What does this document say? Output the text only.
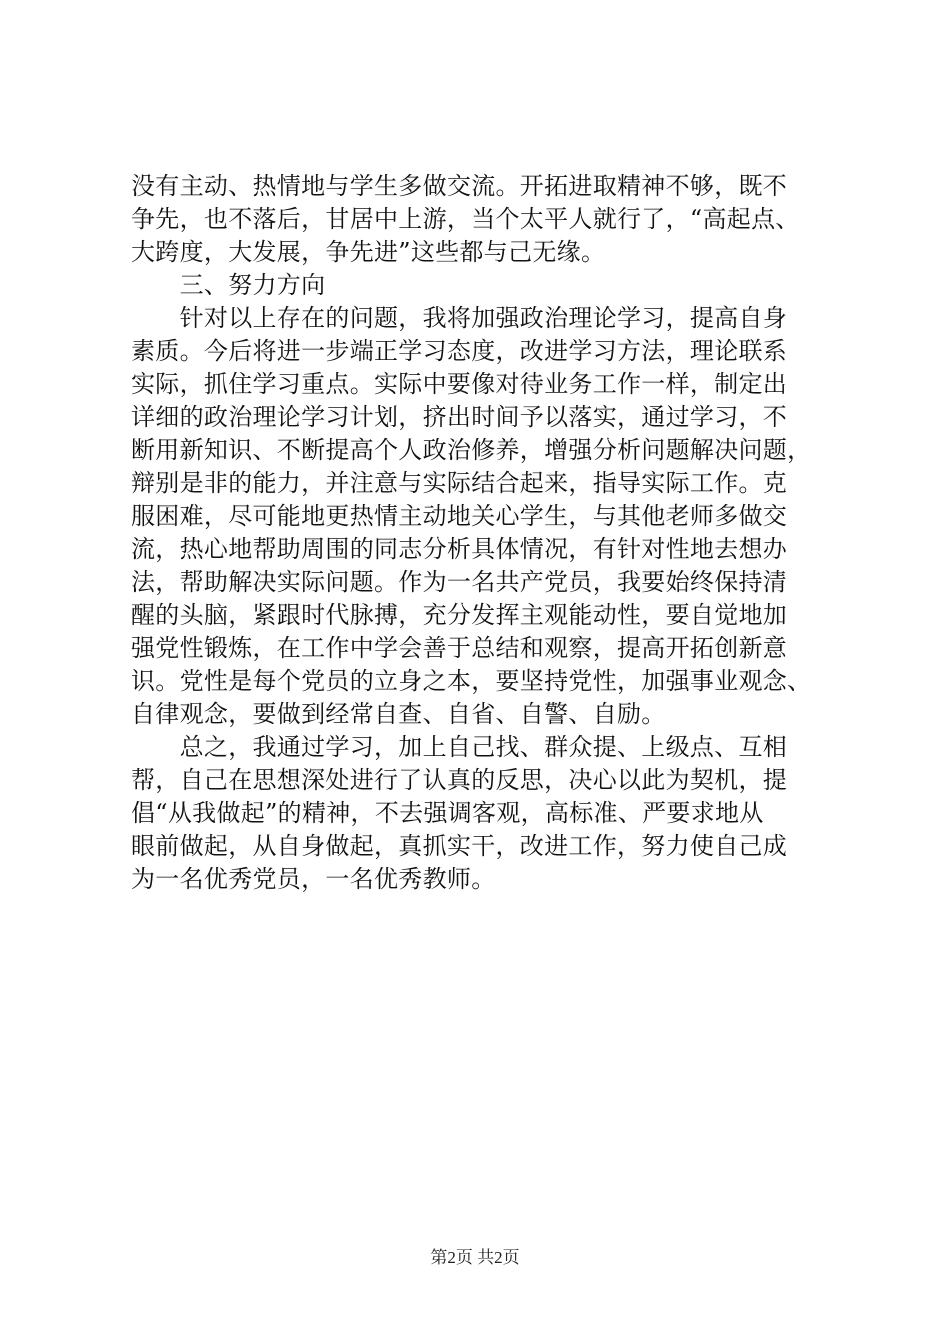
没有主动、热情地与学生多做交流。开拓进取精神不够，既不
争先，也不落后，甘居中上游，当个太平人就行了，“高起点、
大跨度，大发展，争先进”这些都与己无缘。
　　三、努力方向
　　针对以上存在的问题，我将加强政治理论学习，提高自身
素质。今后将进一步端正学习态度，改进学习方法，理论联系
实际，抓住学习重点。实际中要像对待业务工作一样，制定出
详细的政治理论学习计划，挤出时间予以落实，通过学习，不
断用新知识、不断提高个人政治修养，增强分析问题解决问题，
辩别是非的能力，并注意与实际结合起来，指导实际工作。克
服困难，尽可能地更热情主动地关心学生，与其他老师多做交
流，热心地帮助周围的同志分析具体情况，有针对性地去想办
法，帮助解决实际问题。作为一名共产党员，我要始终保持清
醒的头脑，紧跟时代脉搏，充分发挥主观能动性，要自觉地加
强党性锻炼，在工作中学会善于总结和观察，提高开拓创新意
识。党性是每个党员的立身之本，要坚持党性，加强事业观念、
自律观念，要做到经常自查、自省、自警、自励。
　　总之，我通过学习，加上自己找、群众提、上级点、互相
帮，自己在思想深处进行了认真的反思，决心以此为契机，提
倡“从我做起”的精神，不去强调客观，高标准、严要求地从
眼前做起，从自身做起，真抓实干，改进工作，努力使自己成
为一名优秀党员，一名优秀教师。
第2页 共2页
